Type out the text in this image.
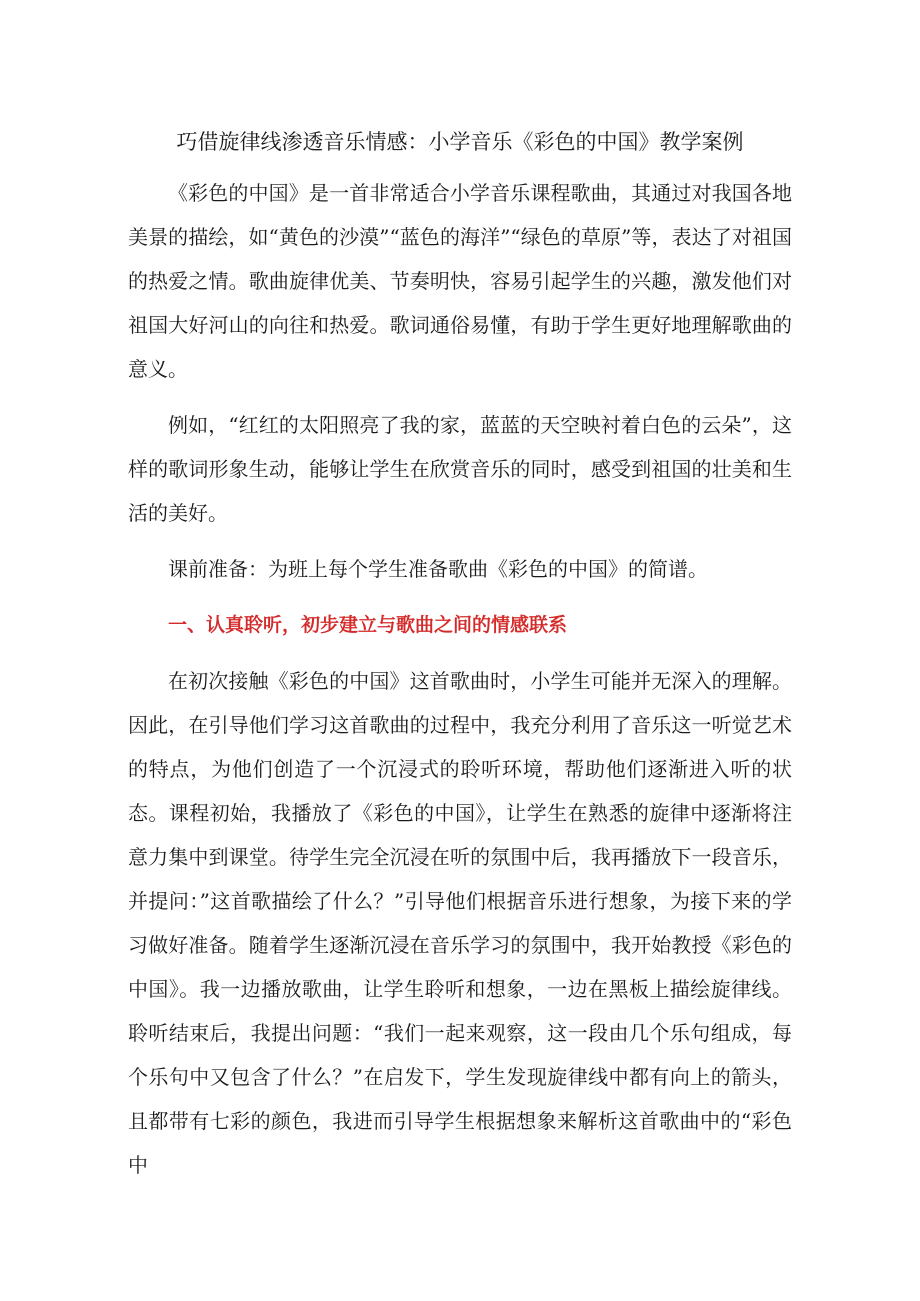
巧借旋律线渗透音乐情感：小学音乐《彩色的中国》教学案例

《彩色的中国》是一首非常适合小学音乐课程歌曲，其通过对我国各地美景的描绘，如“黄色的沙漠”“蓝色的海洋”“绿色的草原”等，表达了对祖国的热爱之情。歌曲旋律优美、节奏明快，容易引起学生的兴趣，激发他们对祖国大好河山的向往和热爱。歌词通俗易懂，有助于学生更好地理解歌曲的意义。

例如，“红红的太阳照亮了我的家，蓝蓝的天空映衬着白色的云朵”，这样的歌词形象生动，能够让学生在欣赏音乐的同时，感受到祖国的壮美和生活的美好。

课前准备：为班上每个学生准备歌曲《彩色的中国》的简谱。

一、认真聆听，初步建立与歌曲之间的情感联系

在初次接触《彩色的中国》这首歌曲时，小学生可能并无深入的理解。因此，在引导他们学习这首歌曲的过程中，我充分利用了音乐这一听觉艺术的特点，为他们创造了一个沉浸式的聆听环境，帮助他们逐渐进入听的状态。课程初始，我播放了《彩色的中国》，让学生在熟悉的旋律中逐渐将注意力集中到课堂。待学生完全沉浸在听的氛围中后，我再播放下一段音乐，并提问：”这首歌描绘了什么？”引导他们根据音乐进行想象，为接下来的学习做好准备。随着学生逐渐沉浸在音乐学习的氛围中，我开始教授《彩色的中国》。我一边播放歌曲，让学生聆听和想象，一边在黑板上描绘旋律线。聆听结束后，我提出问题：“我们一起来观察，这一段由几个乐句组成，每个乐句中又包含了什么？”在启发下，学生发现旋律线中都有向上的箭头，且都带有七彩的颜色，我进而引导学生根据想象来解析这首歌曲中的“彩色中
